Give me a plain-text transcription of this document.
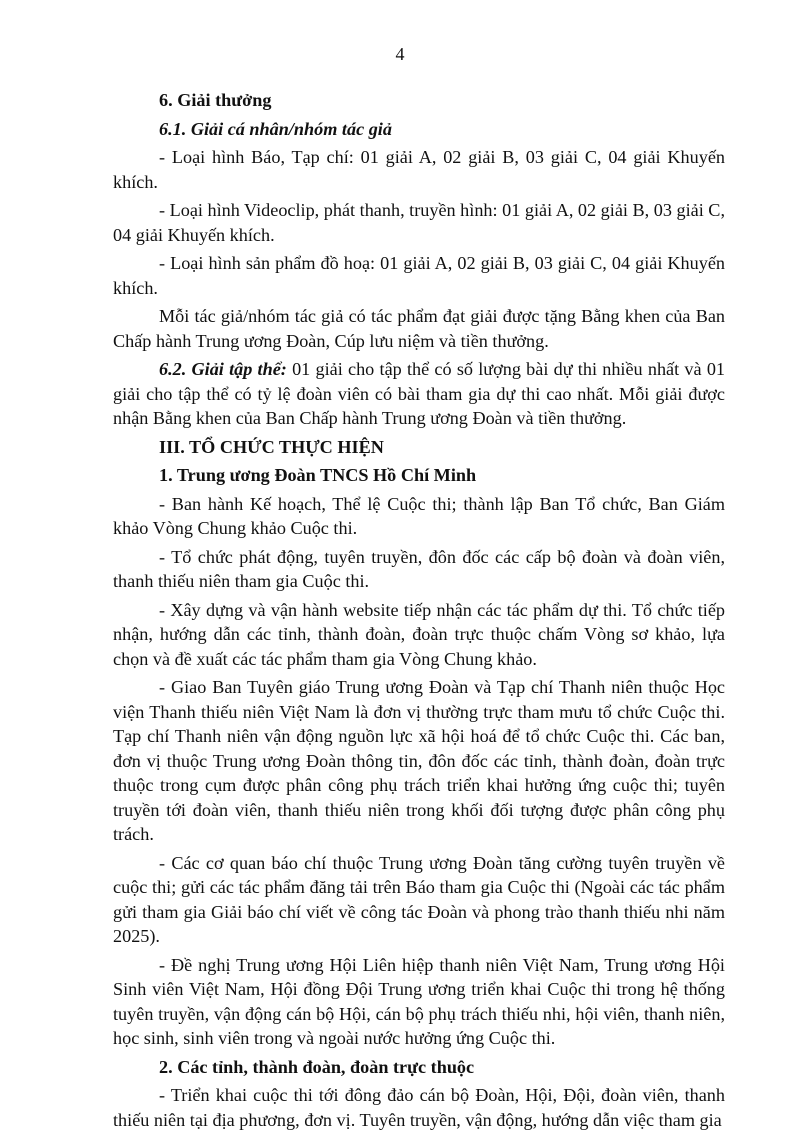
4

6. Giải thưởng

6.1. Giải cá nhân/nhóm tác giả

- Loại hình Báo, Tạp chí: 01 giải A, 02 giải B, 03 giải C, 04 giải Khuyến khích.

- Loại hình Videoclip, phát thanh, truyền hình: 01 giải A, 02 giải B, 03 giải C, 04 giải Khuyến khích.

- Loại hình sản phẩm đồ hoạ: 01 giải A, 02 giải B, 03 giải C, 04 giải Khuyến khích.

Mỗi tác giả/nhóm tác giả có tác phẩm đạt giải được tặng Bằng khen của Ban Chấp hành Trung ương Đoàn, Cúp lưu niệm và tiền thưởng.

6.2. Giải tập thể: 01 giải cho tập thể có số lượng bài dự thi nhiều nhất và 01 giải cho tập thể có tỷ lệ đoàn viên có bài tham gia dự thi cao nhất. Mỗi giải được nhận Bằng khen của Ban Chấp hành Trung ương Đoàn và tiền thưởng.

III. TỔ CHỨC THỰC HIỆN

1. Trung ương Đoàn TNCS Hồ Chí Minh

- Ban hành Kế hoạch, Thể lệ Cuộc thi; thành lập Ban Tổ chức, Ban Giám khảo Vòng Chung khảo Cuộc thi.

- Tổ chức phát động, tuyên truyền, đôn đốc các cấp bộ đoàn và đoàn viên, thanh thiếu niên tham gia Cuộc thi.

- Xây dựng và vận hành website tiếp nhận các tác phẩm dự thi. Tổ chức tiếp nhận, hướng dẫn các tỉnh, thành đoàn, đoàn trực thuộc chấm Vòng sơ khảo, lựa chọn và đề xuất các tác phẩm tham gia Vòng Chung khảo.

- Giao Ban Tuyên giáo Trung ương Đoàn và Tạp chí Thanh niên thuộc Học viện Thanh thiếu niên Việt Nam là đơn vị thường trực tham mưu tổ chức Cuộc thi. Tạp chí Thanh niên vận động nguồn lực xã hội hoá để tổ chức Cuộc thi. Các ban, đơn vị thuộc Trung ương Đoàn thông tin, đôn đốc các tỉnh, thành đoàn, đoàn trực thuộc trong cụm được phân công phụ trách triển khai hưởng ứng cuộc thi; tuyên truyền tới đoàn viên, thanh thiếu niên trong khối đối tượng được phân công phụ trách.

- Các cơ quan báo chí thuộc Trung ương Đoàn tăng cường tuyên truyền về cuộc thi; gửi các tác phẩm đăng tải trên Báo tham gia Cuộc thi (Ngoài các tác phẩm gửi tham gia Giải báo chí viết về công tác Đoàn và phong trào thanh thiếu nhi năm 2025).

- Đề nghị Trung ương Hội Liên hiệp thanh niên Việt Nam, Trung ương Hội Sinh viên Việt Nam, Hội đồng Đội Trung ương triển khai Cuộc thi trong hệ thống tuyên truyền, vận động cán bộ Hội, cán bộ phụ trách thiếu nhi, hội viên, thanh niên, học sinh, sinh viên trong và ngoài nước hưởng ứng Cuộc thi.

2. Các tỉnh, thành đoàn, đoàn trực thuộc

- Triển khai cuộc thi tới đông đảo cán bộ Đoàn, Hội, Đội, đoàn viên, thanh thiếu niên tại địa phương, đơn vị. Tuyên truyền, vận động, hướng dẫn việc tham gia
